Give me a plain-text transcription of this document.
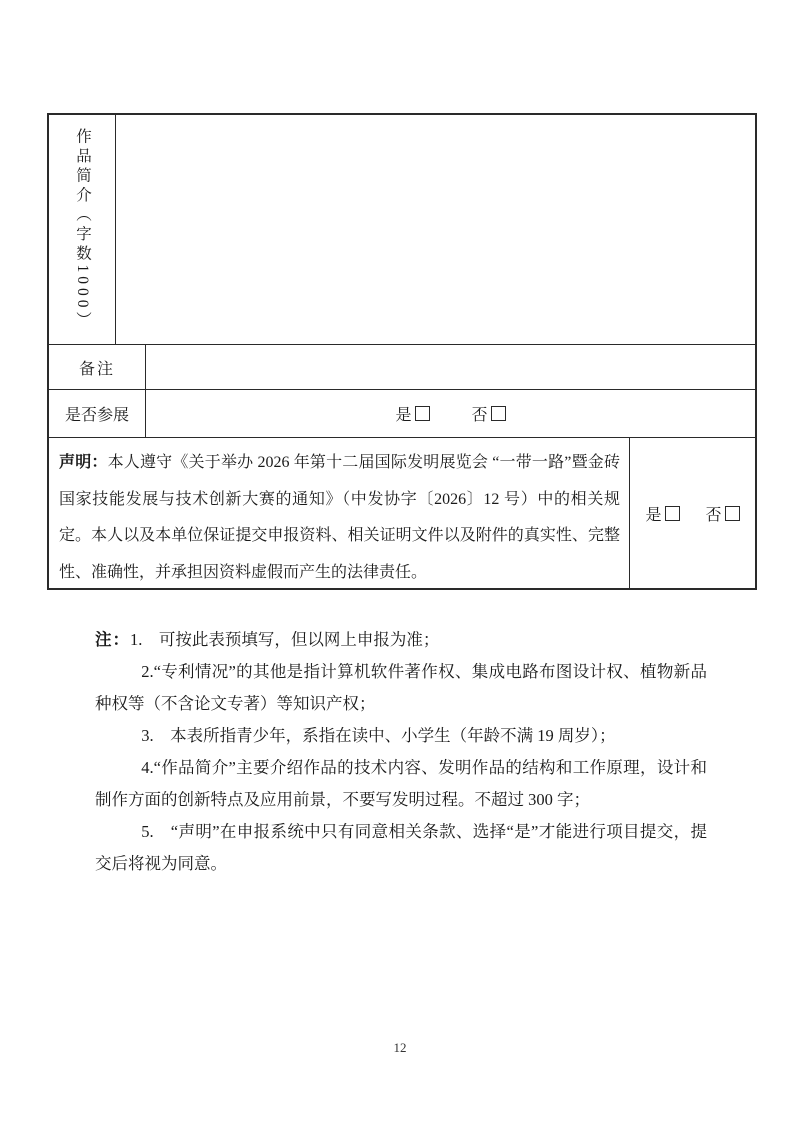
作品简介（字数1000）
备注
是否参展	是	否
声明：本人遵守《关于举办 2026 年第十二届国际发明展览会 “一带一路”暨金砖国家技能发展与技术创新大赛的通知》（中发协字〔2026〕12 号）中的相关规定。本人以及本单位保证提交申报资料、相关证明文件以及附件的真实性、完整性、准确性，并承担因资料虚假而产生的法律责任。
是	否

注：1.　可按此表预填写，但以网上申报为准；

2.“专利情况”的其他是指计算机软件著作权、集成电路布图设计权、植物新品种权等（不含论文专著）等知识产权；

3.　本表所指青少年，系指在读中、小学生（年龄不满 19 周岁）；

4.“作品简介”主要介绍作品的技术内容、发明作品的结构和工作原理，设计和制作方面的创新特点及应用前景，不要写发明过程。不超过 300 字；

5.　“声明”在申报系统中只有同意相关条款、选择“是”才能进行项目提交，提交后将视为同意。

12
